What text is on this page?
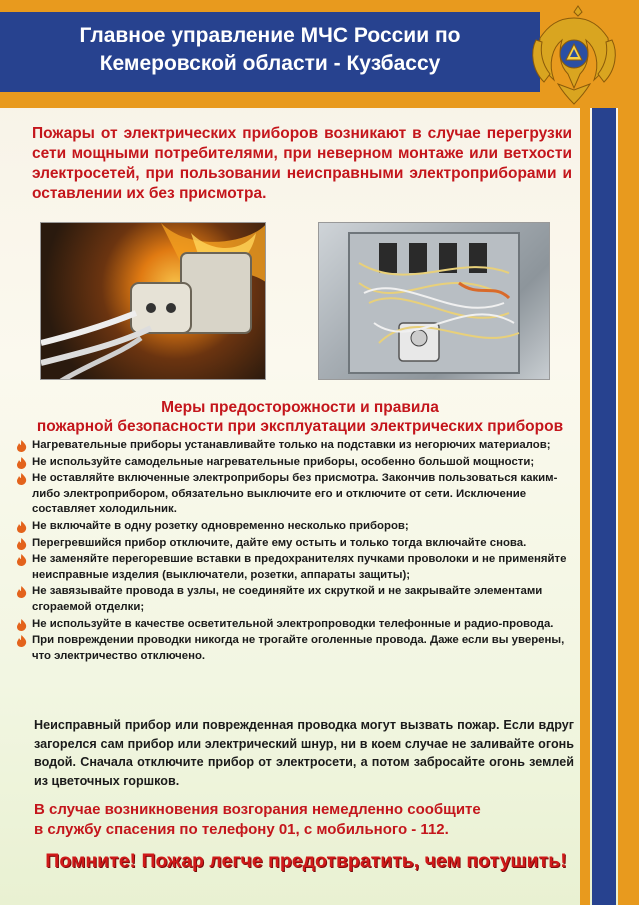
Главное управление МЧС России по
Кемеровской области - Кузбассу
Пожары от электрических приборов возникают в случае перегрузки сети мощными потребителями, при неверном монтаже или ветхости электросетей, при пользовании неисправными электроприборами и оставлении их без присмотра.
Меры предосторожности и правила
пожарной безопасности при эксплуатации электрических приборов
Нагревательные приборы устанавливайте только на подставки из негорючих материалов;
Не используйте самодельные нагревательные приборы, особенно большой мощности;
Не оставляйте включенные электроприборы без присмотра. Закончив пользоваться каким-либо электроприбором, обязательно выключите его и отключите от сети. Исключение составляет холодильник.
Не включайте в одну розетку одновременно несколько приборов;
Перегревшийся прибор отключите, дайте ему остыть и только тогда включайте снова.
Не заменяйте перегоревшие вставки в предохранителях пучками проволоки и не применяйте неисправные изделия (выключатели, розетки, аппараты защиты);
Не завязывайте провода в узлы, не соединяйте их скруткой и не закрывайте элементами сгораемой отделки;
Не используйте в качестве осветительной электропроводки телефонные и радио-провода.
При повреждении проводки никогда не трогайте оголенные провода. Даже если вы уверены, что электричество отключено.
Неисправный прибор или поврежденная проводка могут вызвать пожар. Если вдруг загорелся сам прибор или электрический шнур, ни в коем случае не заливайте огонь водой. Сначала отключите прибор от электросети, а потом забросайте огонь землей из цветочных горшков.
В случае возникновения возгорания немедленно сообщите
в службу спасения по телефону 01, с мобильного - 112.
Помните! Пожар легче предотвратить, чем потушить!
